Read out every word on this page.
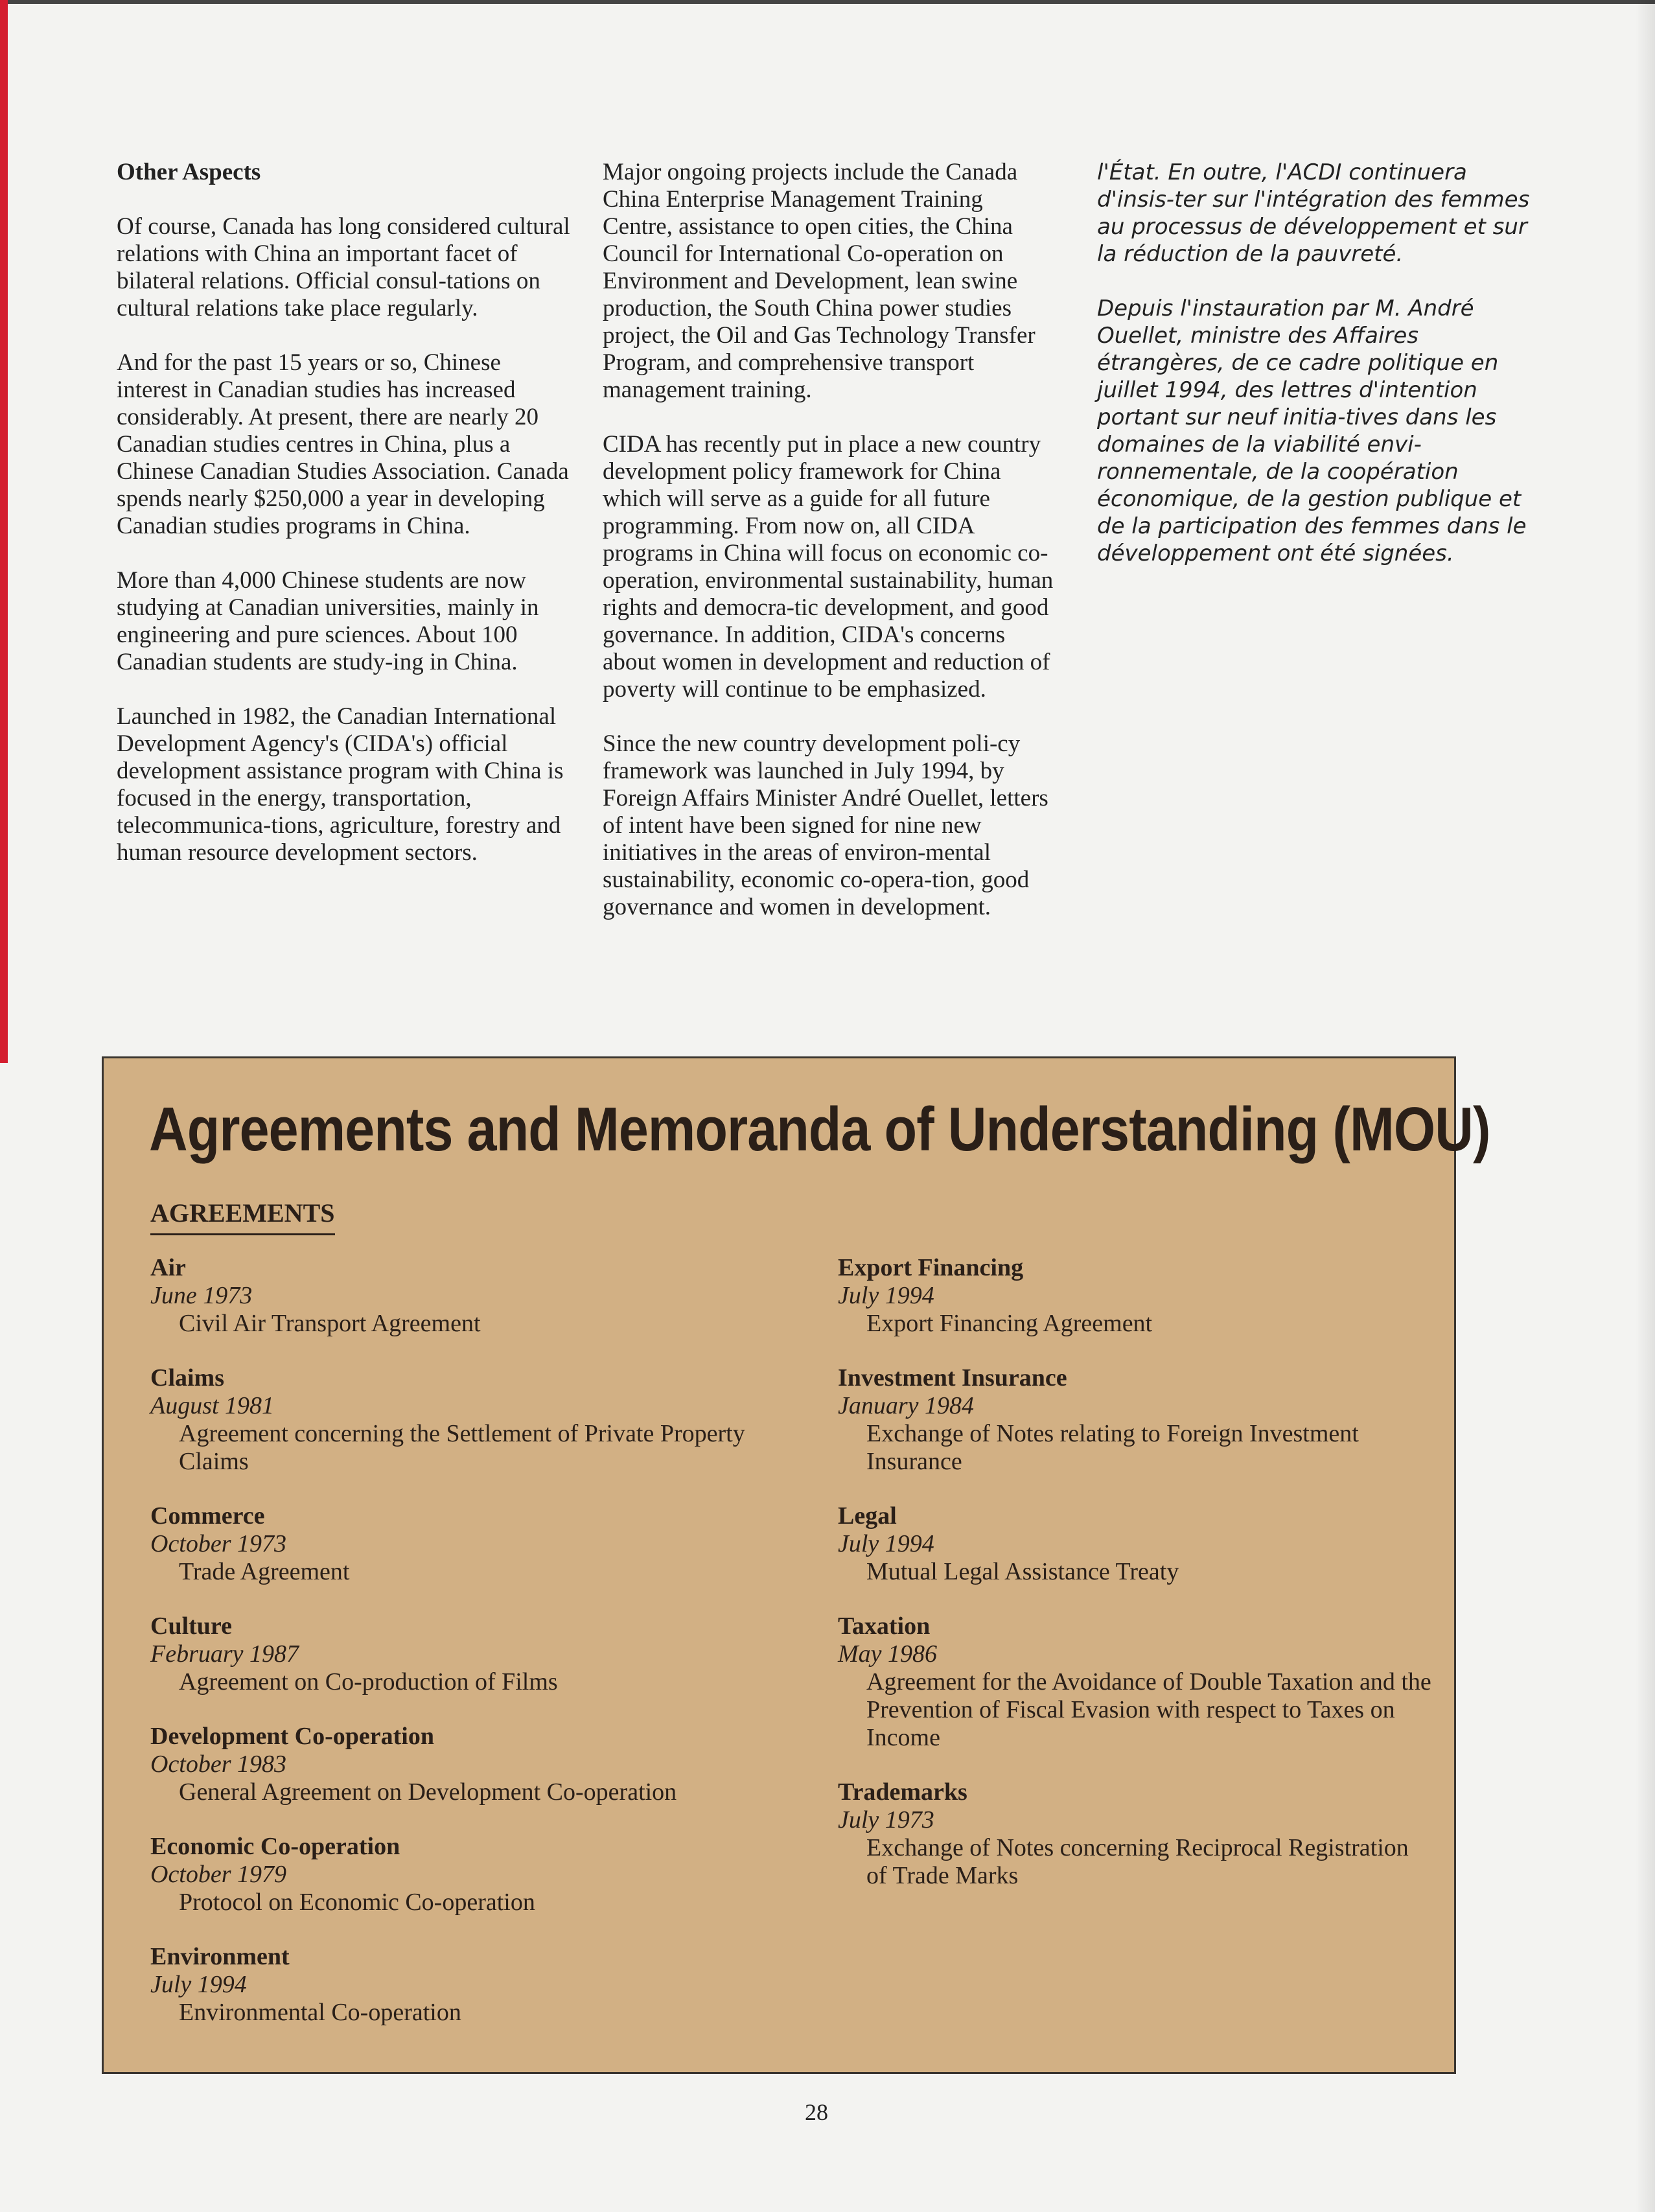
Other Aspects

Of course, Canada has long considered cultural relations with China an important facet of bilateral relations. Official consul-tations on cultural relations take place regularly.

And for the past 15 years or so, Chinese interest in Canadian studies has increased considerably. At present, there are nearly 20 Canadian studies centres in China, plus a Chinese Canadian Studies Association. Canada spends nearly $250,000 a year in developing Canadian studies programs in China.

More than 4,000 Chinese students are now studying at Canadian universities, mainly in engineering and pure sciences. About 100 Canadian students are study-ing in China.

Launched in 1982, the Canadian International Development Agency's (CIDA's) official development assistance program with China is focused in the energy, transportation, telecommunica-tions, agriculture, forestry and human resource development sectors.

Major ongoing projects include the Canada China Enterprise Management Training Centre, assistance to open cities, the China Council for International Co-operation on Environment and Development, lean swine production, the South China power studies project, the Oil and Gas Technology Transfer Program, and comprehensive transport management training.

CIDA has recently put in place a new country development policy framework for China which will serve as a guide for all future programming. From now on, all CIDA programs in China will focus on economic co-operation, environmental sustainability, human rights and democra-tic development, and good governance. In addition, CIDA's concerns about women in development and reduction of poverty will continue to be emphasized.

Since the new country development poli-cy framework was launched in July 1994, by Foreign Affairs Minister André Ouellet, letters of intent have been signed for nine new initiatives in the areas of environ-mental sustainability, economic co-opera-tion, good governance and women in development.

l'État. En outre, l'ACDI continuera d'insis-ter sur l'intégration des femmes au processus de développement et sur la réduction de la pauvreté.

Depuis l'instauration par M. André Ouellet, ministre des Affaires étrangères, de ce cadre politique en juillet 1994, des lettres d'intention portant sur neuf initia-tives dans les domaines de la viabilité envi-ronnementale, de la coopération économique, de la gestion publique et de la participation des femmes dans le développement ont été signées.

Agreements and Memoranda of Understanding (MOU)
AGREEMENTS
Air
June 1973
Civil Air Transport Agreement
Claims
August 1981
Agreement concerning the Settlement of Private Property Claims
Commerce
October 1973
Trade Agreement
Culture
February 1987
Agreement on Co-production of Films
Development Co-operation
October 1983
General Agreement on Development Co-operation
Economic Co-operation
October 1979
Protocol on Economic Co-operation
Environment
July 1994
Environmental Co-operation
Export Financing
July 1994
Export Financing Agreement
Investment Insurance
January 1984
Exchange of Notes relating to Foreign Investment Insurance
Legal
July 1994
Mutual Legal Assistance Treaty
Taxation
May 1986
Agreement for the Avoidance of Double Taxation and the Prevention of Fiscal Evasion with respect to Taxes on Income
Trademarks
July 1973
Exchange of Notes concerning Reciprocal Registration of Trade Marks
28
